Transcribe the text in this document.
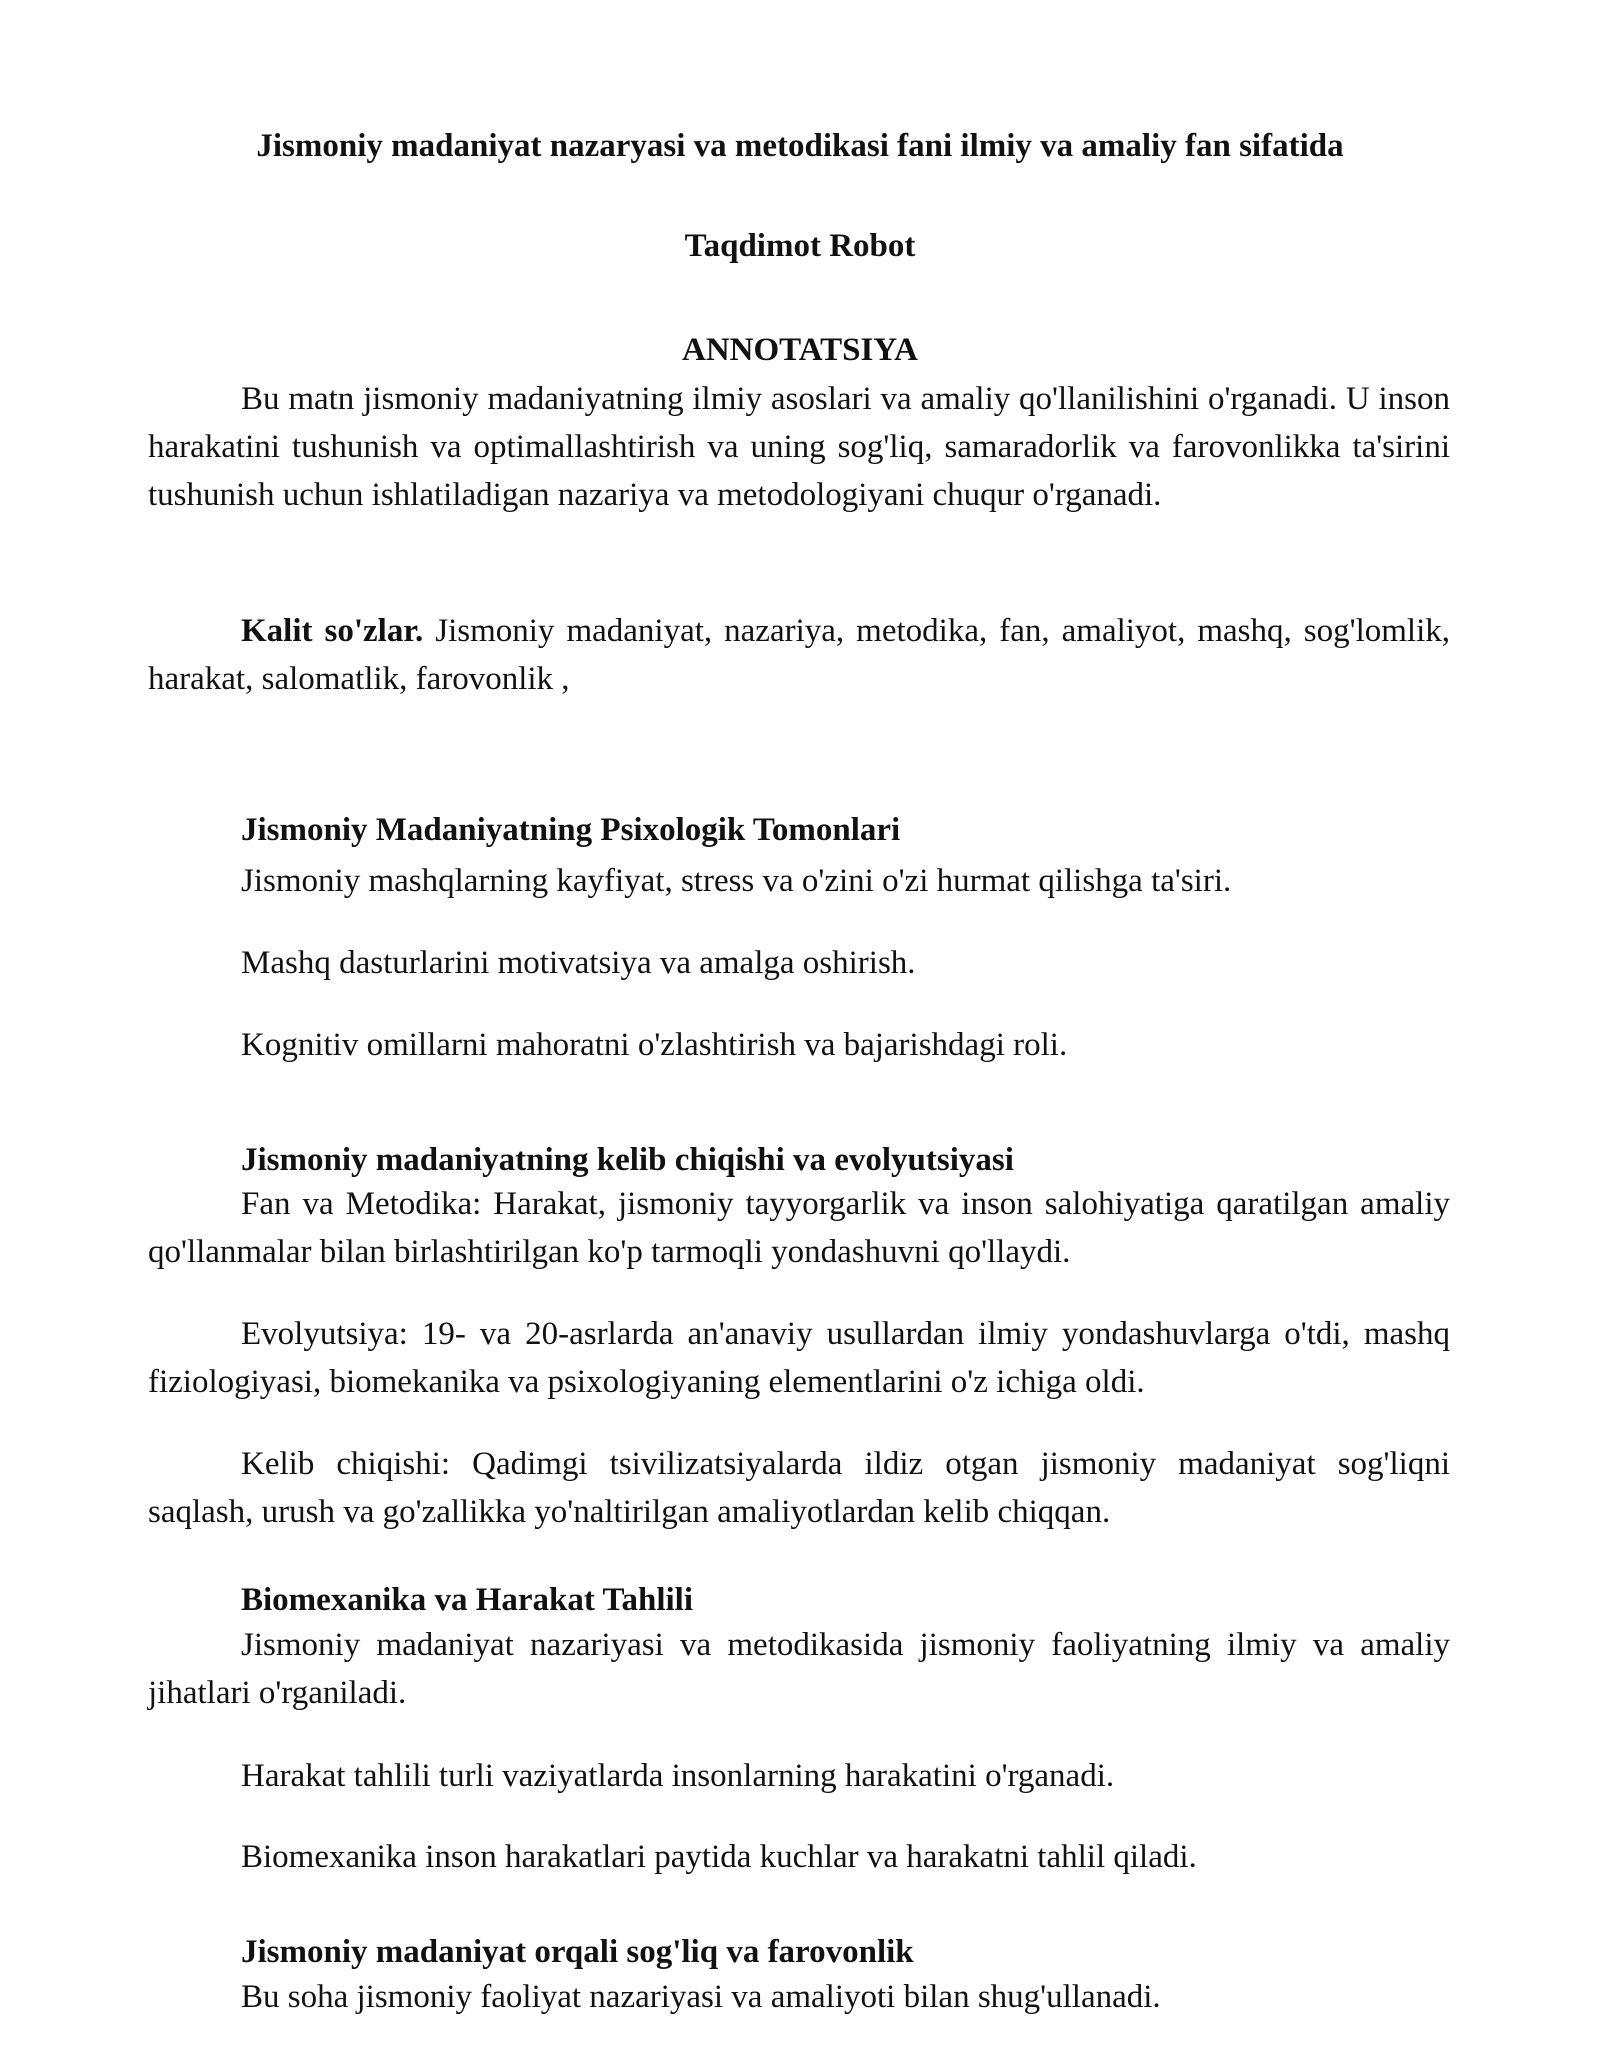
Jismoniy madaniyat nazaryasi va metodikasi fani ilmiy va amaliy fan sifatida
Taqdimot Robot
ANNOTATSIYA
Bu matn jismoniy madaniyatning ilmiy asoslari va amaliy qo'llanilishini o'rganadi. U inson harakatini tushunish va optimallashtirish va uning sog'liq, samaradorlik va farovonlikka ta'sirini tushunish uchun ishlatiladigan nazariya va metodologiyani chuqur o'rganadi.
Kalit so'zlar. Jismoniy madaniyat, nazariya, metodika, fan, amaliyot, mashq, sog'lomlik, harakat, salomatlik, farovonlik ,
Jismoniy Madaniyatning Psixologik Tomonlari
Jismoniy mashqlarning kayfiyat, stress va o'zini o'zi hurmat qilishga ta'siri.
Mashq dasturlarini motivatsiya va amalga oshirish.
Kognitiv omillarni mahoratni o'zlashtirish va bajarishdagi roli.
Jismoniy madaniyatning kelib chiqishi va evolyutsiyasi
Fan va Metodika: Harakat, jismoniy tayyorgarlik va inson salohiyatiga qaratilgan amaliy qo'llanmalar bilan birlashtirilgan ko'p tarmoqli yondashuvni qo'llaydi.
Evolyutsiya: 19- va 20-asrlarda an'anaviy usullardan ilmiy yondashuvlarga o'tdi, mashq fiziologiyasi, biomekanika va psixologiyaning elementlarini o'z ichiga oldi.
Kelib chiqishi: Qadimgi tsivilizatsiyalarda ildiz otgan jismoniy madaniyat sog'liqni saqlash, urush va go'zallikka yo'naltirilgan amaliyotlardan kelib chiqqan.
Biomexanika va Harakat Tahlili
Jismoniy madaniyat nazariyasi va metodikasida jismoniy faoliyatning ilmiy va amaliy jihatlari o'rganiladi.
Harakat tahlili turli vaziyatlarda insonlarning harakatini o'rganadi.
Biomexanika inson harakatlari paytida kuchlar va harakatni tahlil qiladi.
Jismoniy madaniyat orqali sog'liq va farovonlik
Bu soha jismoniy faoliyat nazariyasi va amaliyoti bilan shug'ullanadi.
